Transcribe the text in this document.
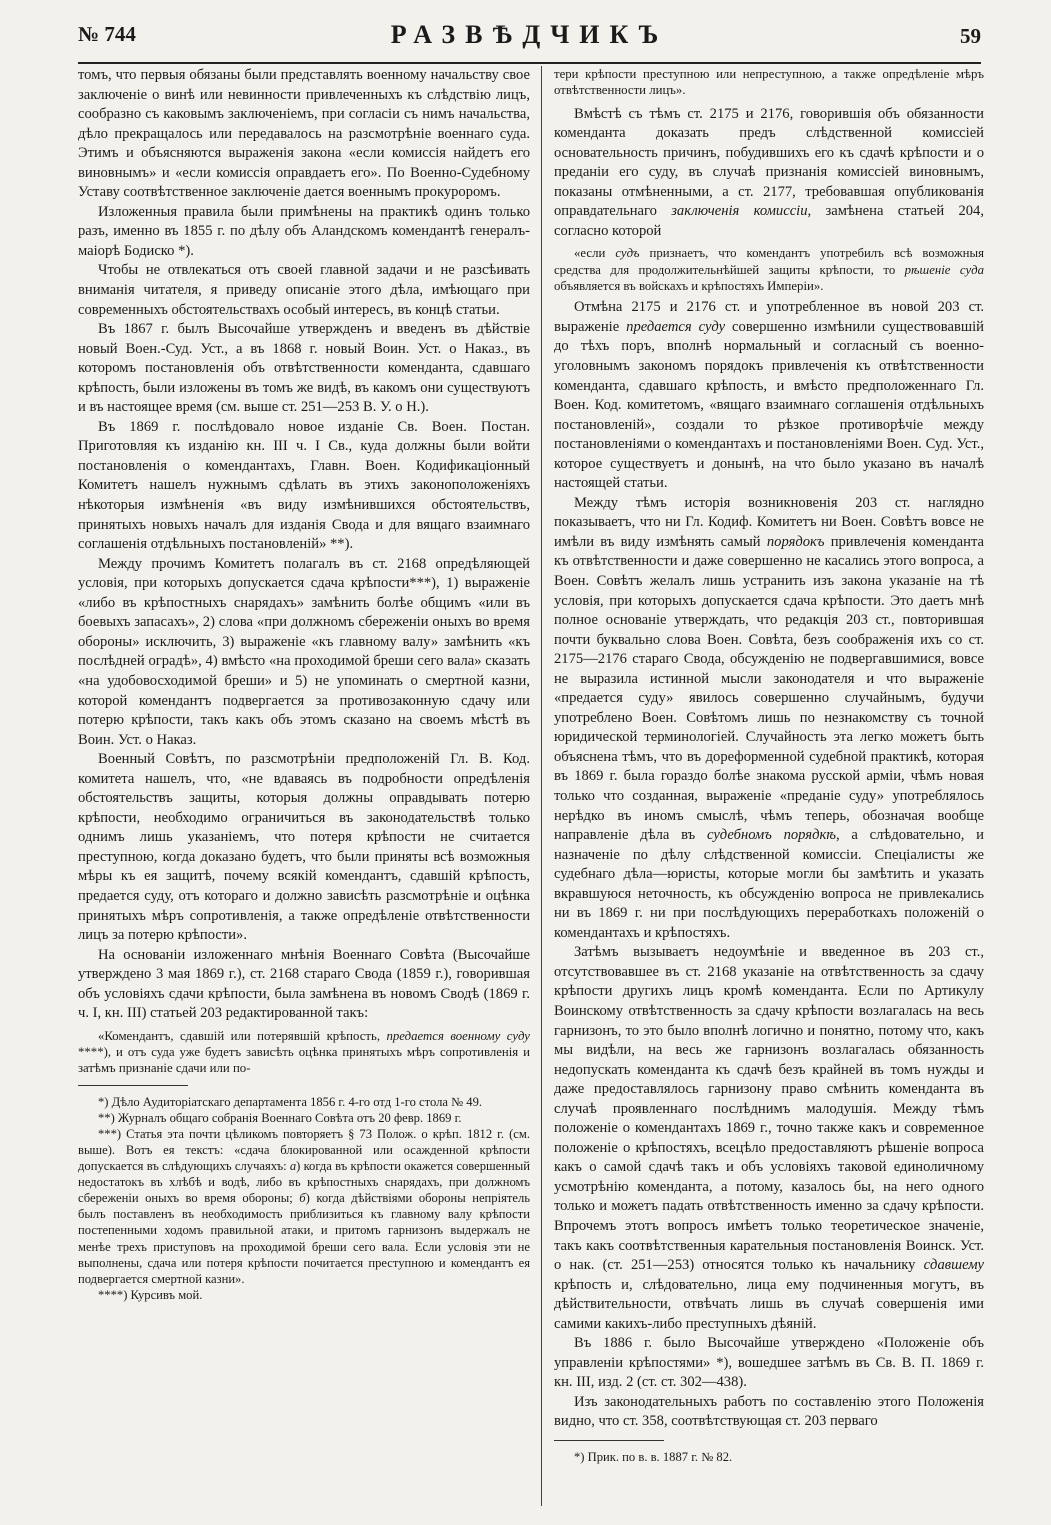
№ 744	РАЗВѢДЧИКЪ	59

томъ, что первыя обязаны были представлять военному начальству свое заключеніе о винѣ или невинности привлеченныхъ къ слѣдствію лицъ, сообразно съ каковымъ заключеніемъ, при согласіи съ нимъ начальства, дѣло прекращалось или передавалось на разсмотрѣніе военнаго суда. Этимъ и объясняются выраженія закона «если комиссія найдетъ его виновнымъ» и «если комиссія оправдаетъ его». По Военно-Судебному Уставу соотвѣтственное заключеніе дается военнымъ прокуроромъ.

Изложенныя правила были примѣнены на практикѣ одинъ только разъ, именно въ 1855 г. по дѣлу объ Аландскомъ комендантѣ генералъ-маіорѣ Бодиско *).

Чтобы не отвлекаться отъ своей главной задачи и не разсѣивать вниманія читателя, я приведу описаніе этого дѣла, имѣющаго при современныхъ обстоятельствахъ особый интересъ, въ концѣ статьи.

Въ 1867 г. былъ Высочайше утвержденъ и введенъ въ дѣйствіе новый Воен.-Суд. Уст., а въ 1868 г. новый Воин. Уст. о Наказ., въ которомъ постановленія объ отвѣтственности коменданта, сдавшаго крѣпость, были изложены въ томъ же видѣ, въ какомъ они существуютъ и въ настоящее время (см. выше ст. 251—253 В. У. о Н.).

Въ 1869 г. послѣдовало новое изданіе Св. Воен. Постан. Приготовляя къ изданію кн. III ч. I Св., куда должны были войти постановленія о комендантахъ, Главн. Воен. Кодификаціонный Комитетъ нашелъ нужнымъ сдѣлать въ этихъ законоположеніяхъ нѣкоторыя измѣненія «въ виду измѣнившихся обстоятельствъ, принятыхъ новыхъ началъ для изданія Свода и для вящаго взаимнаго соглашенія отдѣльныхъ постановленій» **).

Между прочимъ Комитетъ полагалъ въ ст. 2168 опредѣляющей условія, при которыхъ допускается сдача крѣпости***), 1) выраженіе «либо въ крѣпостныхъ снарядахъ» замѣнить болѣе общимъ «или въ боевыхъ запасахъ», 2) слова «при должномъ сбереженіи оныхъ во время обороны» исключить, 3) выраженіе «къ главному валу» замѣнить «къ послѣдней оградѣ», 4) вмѣсто «на проходимой бреши сего вала» сказать «на удобовосходимой бреши» и 5) не упоминать о смертной казни, которой комендантъ подвергается за противозаконную сдачу или потерю крѣпости, такъ какъ объ этомъ сказано на своемъ мѣстѣ въ Воин. Уст. о Наказ.

Военный Совѣтъ, по разсмотрѣніи предположеній Гл. В. Код. комитета нашелъ, что, «не вдаваясь въ подробности опредѣленія обстоятельствъ защиты, которыя должны оправдывать потерю крѣпости, необходимо ограничиться въ законодательствѣ только однимъ лишь указаніемъ, что потеря крѣпости не считается преступною, когда доказано будетъ, что были приняты всѣ возможныя мѣры къ ея защитѣ, почему всякій комендантъ, сдавшій крѣпость, предается суду, отъ котораго и должно зависѣть разсмотрѣніе и оцѣнка принятыхъ мѣръ сопротивленія, а также опредѣленіе отвѣтственности лицъ за потерю крѣпости».

На основаніи изложеннаго мнѣнія Военнаго Совѣта (Высочайше утверждено 3 мая 1869 г.), ст. 2168 стараго Свода (1859 г.), говорившая объ условіяхъ сдачи крѣпости, была замѣнена въ новомъ Сводѣ (1869 г. ч. I, кн. III) статьей 203 редактированной такъ:

«Комендантъ, сдавшій или потерявшій крѣпость, предается военному суду ****), и отъ суда уже будетъ зависѣть оцѣнка принятыхъ мѣръ сопротивленія и затѣмъ признаніе сдачи или по-

*) Дѣло Аудиторіатскаго департамента 1856 г. 4-го отд 1-го стола № 49.

**) Журналъ общаго собранія Военнаго Совѣта отъ 20 февр. 1869 г.

***) Статья эта почти цѣликомъ повторяетъ § 73 Полож. о крѣп. 1812 г. (см. выше). Вотъ ея текстъ: «сдача блокированной или осажденной крѣпости допускается въ слѣдующихъ случаяхъ: а) когда въ крѣпости окажется совершенный недостатокъ въ хлѣбѣ и водѣ, либо въ крѣпостныхъ снарядахъ, при должномъ сбереженіи оныхъ во время обороны; б) когда дѣйствіями обороны непріятель былъ поставленъ въ необходимость приблизиться къ главному валу крѣпости постепенными ходомъ правильной атаки, и притомъ гарнизонъ выдержалъ не менѣе трехъ приступовъ на проходимой бреши сего вала. Если условія эти не выполнены, сдача или потеря крѣпости почитается преступною и комендантъ ея подвергается смертной казни».

****) Курсивъ мой.

тери крѣпости преступною или непреступною, а также опредѣленіе мѣръ отвѣтственности лицъ».

Вмѣстѣ съ тѣмъ ст. 2175 и 2176, говорившія объ обязанности коменданта доказать предъ слѣдственной комиссіей основательность причинъ, побудившихъ его къ сдачѣ крѣпости и о преданіи его суду, въ случаѣ признанія комиссіей виновнымъ, показаны отмѣненными, а ст. 2177, требовавшая опубликованія оправдательнаго заключенія комиссіи, замѣнена статьей 204, согласно которой

«если судъ признаетъ, что комендантъ употребилъ всѣ возможныя средства для продолжительнѣйшей защиты крѣпости, то рѣшеніе суда объявляется въ войскахъ и крѣпостяхъ Имперіи».

Отмѣна 2175 и 2176 ст. и употребленное въ новой 203 ст. выраженіе предается суду совершенно измѣнили существовавшій до тѣхъ поръ, вполнѣ нормальный и согласный съ военно-уголовнымъ закономъ порядокъ привлеченія къ отвѣтственности коменданта, сдавшаго крѣпость, и вмѣсто предположеннаго Гл. Воен. Код. комитетомъ, «вящаго взаимнаго соглашенія отдѣльныхъ постановленій», создали то рѣзкое противорѣчіе между постановленіями о комендантахъ и постановленіями Воен. Суд. Уст., которое существуетъ и донынѣ, на что было указано въ началѣ настоящей статьи.

Между тѣмъ исторія возникновенія 203 ст. наглядно показываетъ, что ни Гл. Кодиф. Комитетъ ни Воен. Совѣтъ вовсе не имѣли въ виду измѣнять самый порядокъ привлеченія коменданта къ отвѣтственности и даже совершенно не касались этого вопроса, а Воен. Совѣтъ желалъ лишь устранить изъ закона указаніе на тѣ условія, при которыхъ допускается сдача крѣпости. Это даетъ мнѣ полное основаніе утверждать, что редакція 203 ст., повторившая почти буквально слова Воен. Совѣта, безъ соображенія ихъ со ст. 2175—2176 стараго Свода, обсужденію не подвергавшимися, вовсе не выразила истинной мысли законодателя и что выраженіе «предается суду» явилось совершенно случайнымъ, будучи употреблено Воен. Совѣтомъ лишь по незнакомству съ точной юридической терминологіей. Случайность эта легко можетъ быть объяснена тѣмъ, что въ дореформенной судебной практикѣ, которая въ 1869 г. была гораздо болѣе знакома русской арміи, чѣмъ новая только что созданная, выраженіе «преданіе суду» употреблялось нерѣдко въ иномъ смыслѣ, чѣмъ теперь, обозначая вообще направленіе дѣла въ судебномъ порядкѣ, а слѣдовательно, и назначеніе по дѣлу слѣдственной комиссіи. Спеціалисты же судебнаго дѣла—юристы, которые могли бы замѣтить и указать вкравшуюся неточность, къ обсужденію вопроса не привлекались ни въ 1869 г. ни при послѣдующихъ переработкахъ положеній о комендантахъ и крѣпостяхъ.

Затѣмъ вызываетъ недоумѣніе и введенное въ 203 ст., отсутствовавшее въ ст. 2168 указаніе на отвѣтственность за сдачу крѣпости другихъ лицъ кромѣ коменданта. Если по Артикулу Воинскому отвѣтственность за сдачу крѣпости возлагалась на весь гарнизонъ, то это было вполнѣ логично и понятно, потому что, какъ мы видѣли, на весь же гарнизонъ возлагалась обязанность недопускать коменданта къ сдачѣ безъ крайней въ томъ нужды и даже предоставлялось гарнизону право смѣнить коменданта въ случаѣ проявленнаго послѣднимъ малодушія. Между тѣмъ положеніе о комендантахъ 1869 г., точно также какъ и современное положеніе о крѣпостяхъ, всецѣло предоставляютъ рѣшеніе вопроса какъ о самой сдачѣ такъ и объ условіяхъ таковой единоличному усмотрѣнію коменданта, а потому, казалось бы, на него одного только и можетъ падать отвѣтственность именно за сдачу крѣпости. Впрочемъ этотъ вопросъ имѣетъ только теоретическое значеніе, такъ какъ соотвѣтственныя карательныя постановленія Воинск. Уст. о нак. (ст. 251—253) относятся только къ начальнику сдавшему крѣпость и, слѣдовательно, лица ему подчиненныя могутъ, въ дѣйствительности, отвѣчать лишь въ случаѣ совершенія ими самими какихъ-либо преступныхъ дѣяній.

Въ 1886 г. было Высочайше утверждено «Положеніе объ управленіи крѣпостями» *), вошедшее затѣмъ въ Св. В. П. 1869 г. кн. III, изд. 2 (ст. ст. 302—438).

Изъ законодательныхъ работъ по составленію этого Положенія видно, что ст. 358, соотвѣтствующая ст. 203 перваго

*) Прик. по в. в. 1887 г. № 82.
